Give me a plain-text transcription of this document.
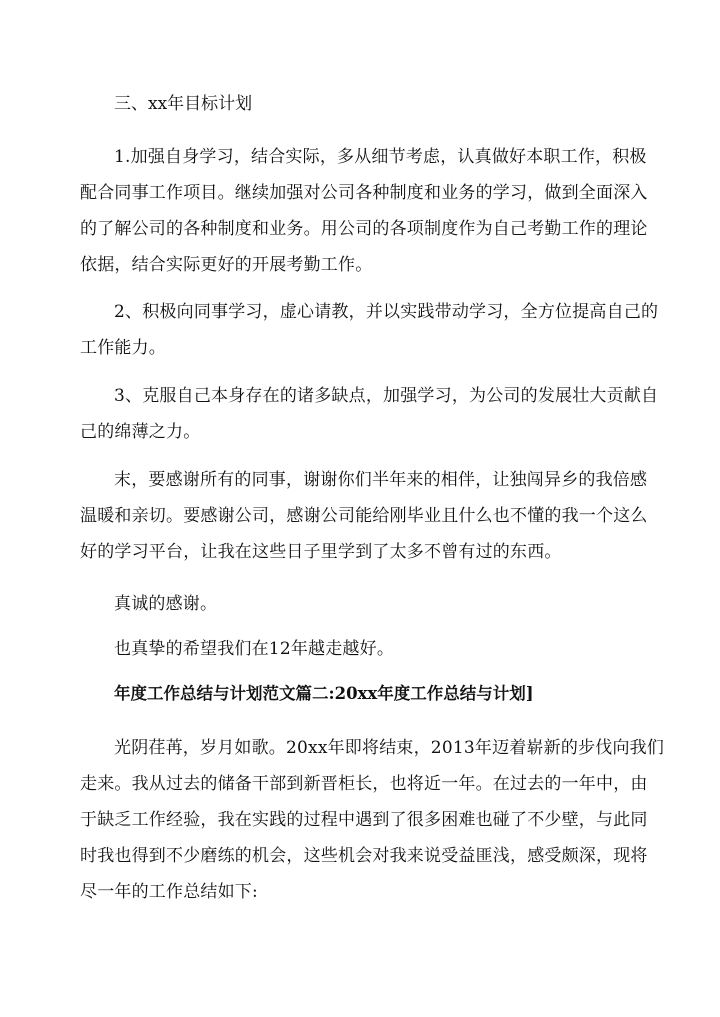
三、xx年目标计划

1.加强自身学习，结合实际，多从细节考虑，认真做好本职工作，积极
配合同事工作项目。继续加强对公司各种制度和业务的学习，做到全面深入
的了解公司的各种制度和业务。用公司的各项制度作为自己考勤工作的理论
依据，结合实际更好的开展考勤工作。

2、积极向同事学习，虚心请教，并以实践带动学习，全方位提高自己的
工作能力。

3、克服自己本身存在的诸多缺点，加强学习，为公司的发展壮大贡献自
己的绵薄之力。

末，要感谢所有的同事，谢谢你们半年来的相伴，让独闯异乡的我倍感
温暖和亲切。要感谢公司，感谢公司能给刚毕业且什么也不懂的我一个这么
好的学习平台，让我在这些日子里学到了太多不曾有过的东西。

真诚的感谢。

也真挚的希望我们在12年越走越好。

年度工作总结与计划范文篇二:20xx年度工作总结与计划]

光阴荏苒，岁月如歌。20xx年即将结束，2013年迈着崭新的步伐向我们
走来。我从过去的储备干部到新晋柜长，也将近一年。在过去的一年中，由
于缺乏工作经验，我在实践的过程中遇到了很多困难也碰了不少壁，与此同
时我也得到不少磨练的机会，这些机会对我来说受益匪浅，感受颇深，现将
尽一年的工作总结如下:
